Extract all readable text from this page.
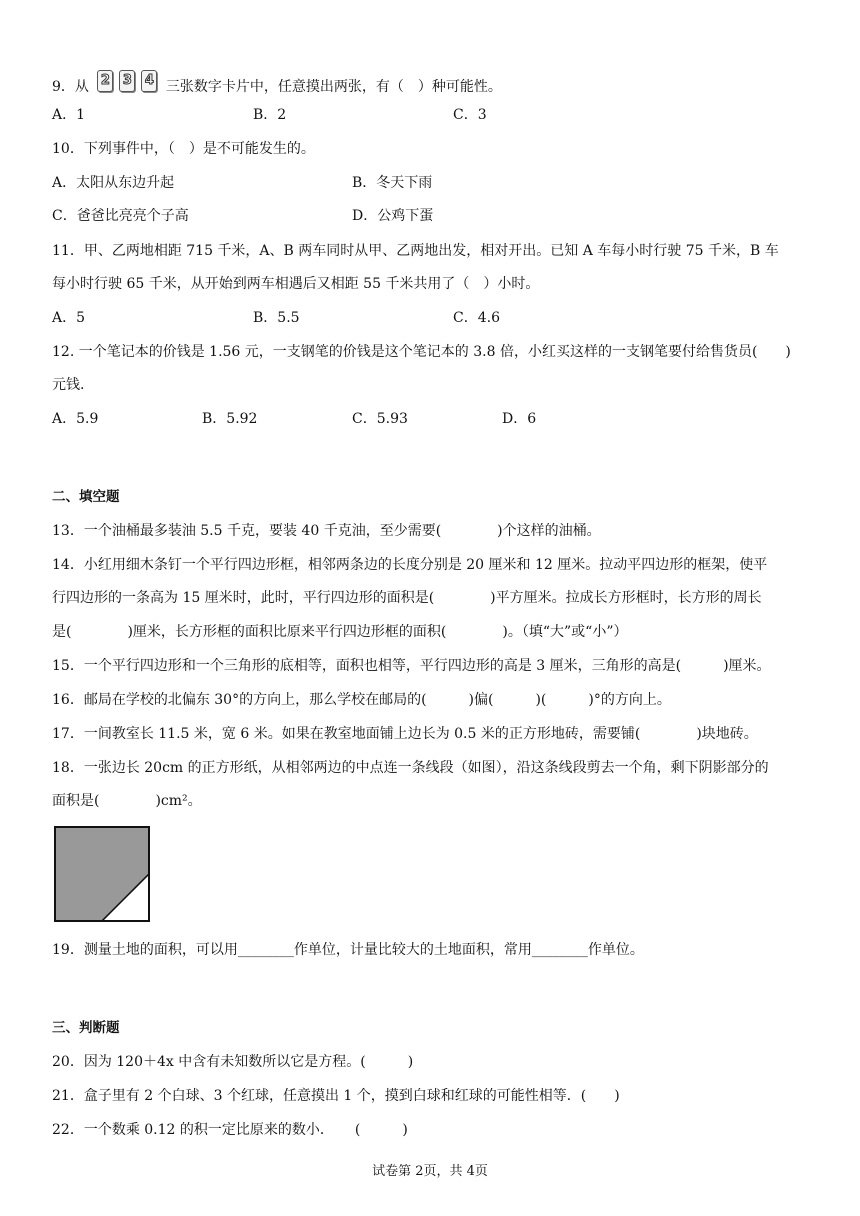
9．从 2 3 4 三张数字卡片中，任意摸出两张，有（　）种可能性。
A．1	B．2	C．3
10．下列事件中，（　）是不可能发生的。
A．太阳从东边升起	B．冬天下雨
C．爸爸比亮亮个子高	D．公鸡下蛋
11．甲、乙两地相距 715 千米，A、B 两车同时从甲、乙两地出发，相对开出。已知 A 车每小时行驶 75 千米，B 车
每小时行驶 65 千米，从开始到两车相遇后又相距 55 千米共用了（　）小时。
A．5	B．5.5	C．4.6
12. 一个笔记本的价钱是 1.56 元，一支钢笔的价钱是这个笔记本的 3.8 倍，小红买这样的一支钢笔要付给售货员(　　)
元钱.
A．5.9	B．5.92	C．5.93	D．6
二、填空题
13．一个油桶最多装油 5.5 千克，要装 40 千克油，至少需要(　　　　)个这样的油桶。
14．小红用细木条钉一个平行四边形框，相邻两条边的长度分别是 20 厘米和 12 厘米。拉动平四边形的框架，使平
行四边形的一条高为 15 厘米时，此时，平行四边形的面积是(　　　　)平方厘米。拉成长方形框时，长方形的周长
是(　　　　)厘米，长方形框的面积比原来平行四边形框的面积(　　　　)。（填“大”或“小”）
15．一个平行四边形和一个三角形的底相等，面积也相等，平行四边形的高是 3 厘米，三角形的高是(　　　)厘米。
16．邮局在学校的北偏东 30°的方向上，那么学校在邮局的(　　　)偏(　　　)(　　　)°的方向上。
17．一间教室长 11.5 米，宽 6 米。如果在教室地面铺上边长为 0.5 米的正方形地砖，需要铺(　　　　)块地砖。
18．一张边长 20cm 的正方形纸，从相邻两边的中点连一条线段（如图），沿这条线段剪去一个角，剩下阴影部分的
面积是(　　　　)cm²。
19．测量土地的面积，可以用________作单位，计量比较大的土地面积，常用________作单位。
三、判断题
20．因为 120＋4x 中含有未知数所以它是方程。(　　　)
21．盒子里有 2 个白球、3 个红球，任意摸出 1 个，摸到白球和红球的可能性相等．(　　)
22．一个数乘 0.12 的积一定比原来的数小．　　(　　　)
试卷第 2页，共 4页
